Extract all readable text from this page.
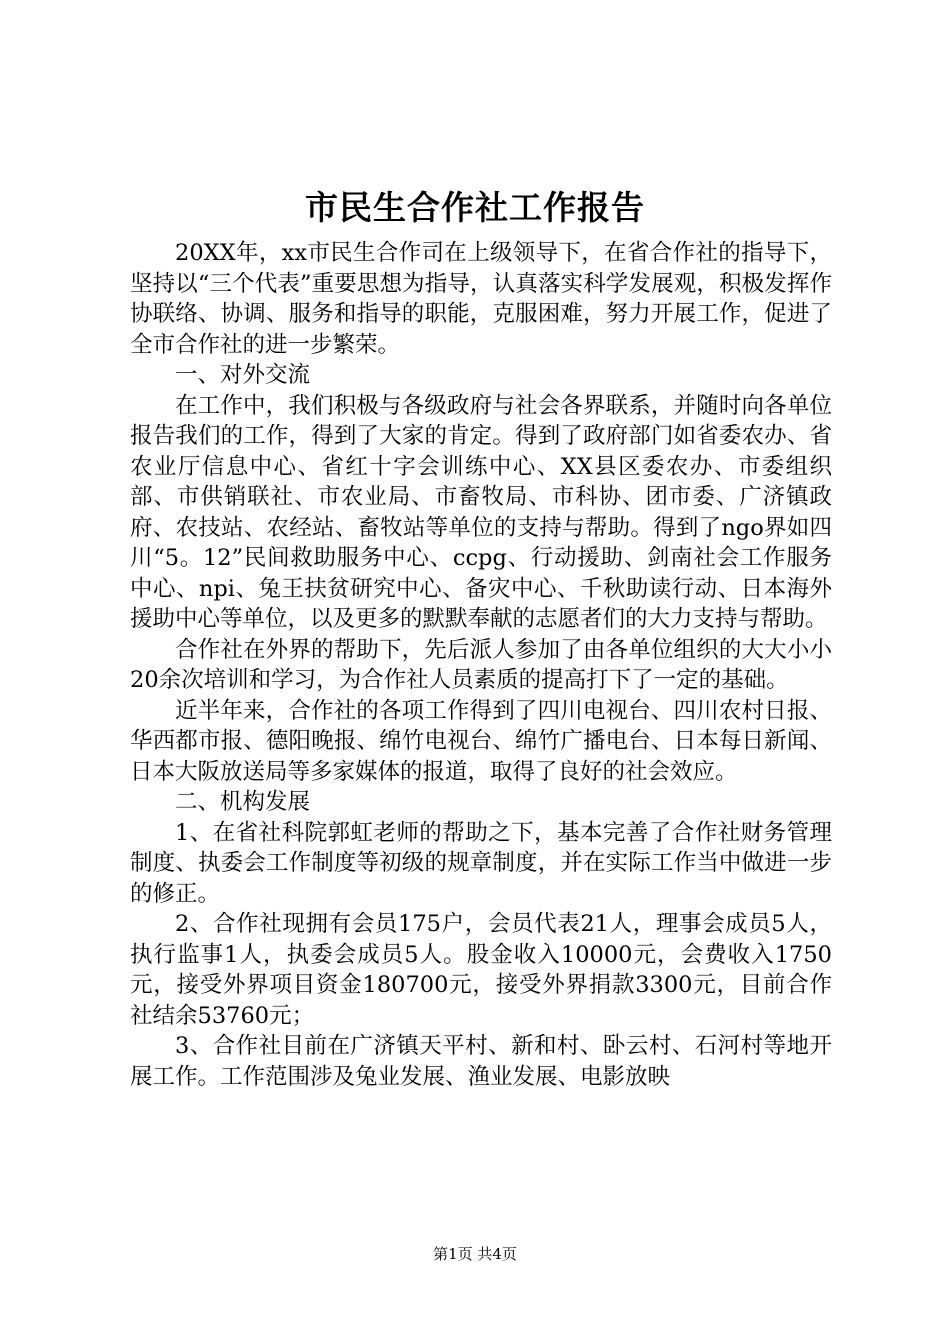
市民生合作社工作报告

20XX年，xx市民生合作司在上级领导下，在省合作社的指导下，坚持以“三个代表”重要思想为指导，认真落实科学发展观，积极发挥作协联络、协调、服务和指导的职能，克服困难，努力开展工作，促进了全市合作社的进一步繁荣。

一、对外交流

在工作中，我们积极与各级政府与社会各界联系，并随时向各单位报告我们的工作，得到了大家的肯定。得到了政府部门如省委农办、省农业厅信息中心、省红十字会训练中心、XX县区委农办、市委组织部、市供销联社、市农业局、市畜牧局、市科协、团市委、广济镇政府、农技站、农经站、畜牧站等单位的支持与帮助。得到了ngo界如四川“5。12”民间救助服务中心、ccpg、行动援助、剑南社会工作服务中心、npi、兔王扶贫研究中心、备灾中心、千秋助读行动、日本海外援助中心等单位，以及更多的默默奉献的志愿者们的大力支持与帮助。

合作社在外界的帮助下，先后派人参加了由各单位组织的大大小小20余次培训和学习，为合作社人员素质的提高打下了一定的基础。

近半年来，合作社的各项工作得到了四川电视台、四川农村日报、华西都市报、德阳晚报、绵竹电视台、绵竹广播电台、日本每日新闻、日本大阪放送局等多家媒体的报道，取得了良好的社会效应。

二、机构发展

1、在省社科院郭虹老师的帮助之下，基本完善了合作社财务管理制度、执委会工作制度等初级的规章制度，并在实际工作当中做进一步的修正。

2、合作社现拥有会员175户，会员代表21人，理事会成员5人，执行监事1人，执委会成员5人。股金收入10000元，会费收入1750元，接受外界项目资金180700元，接受外界捐款3300元，目前合作社结余53760元；

3、合作社目前在广济镇天平村、新和村、卧云村、石河村等地开展工作。工作范围涉及兔业发展、渔业发展、电影放映

第1页 共4页
